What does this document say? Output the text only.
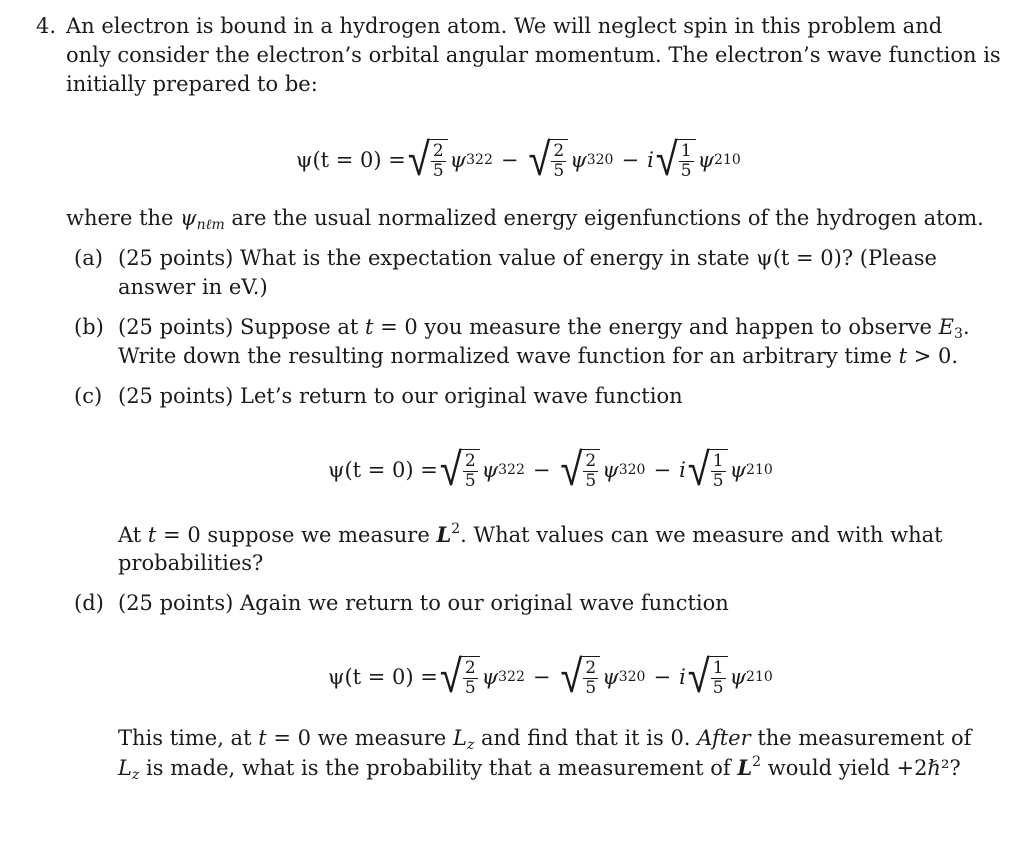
4. An electron is bound in a hydrogen atom. We will neglect spin in this problem and
only consider the electron’s orbital angular momentum. The electron’s wave function is
initially prepared to be:
ψ(t = 0) = √ $\frac{2}{5}$ ψ 322 − √ $\frac{2}{5}$ ψ 320 − i √ $\frac{1}{5}$ ψ 210
where the $\psi_{n\ell m}$ are the usual normalized energy eigenfunctions of the hydrogen atom.
(a) (25 points) What is the expectation value of energy in state ψ(t = 0)? (Please
answer in eV.)
(b) (25 points) Suppose at t = 0 you measure the energy and happen to observe $E_3$.
Write down the resulting normalized wave function for an arbitrary time t > 0.
(c) (25 points) Let’s return to our original wave function
ψ(t = 0) = √ $\frac{2}{5}$ ψ 322 − √ $\frac{2}{5}$ ψ 320 − i √ $\frac{1}{5}$ ψ 210
At t = 0 suppose we measure $L^2$. What values can we measure and with what
probabilities?
(d) (25 points) Again we return to our original wave function
ψ(t = 0) = √ $\frac{2}{5}$ ψ 322 − √ $\frac{2}{5}$ ψ 320 − i √ $\frac{1}{5}$ ψ 210
This time, at t = 0 we measure $L_z$ and find that it is 0. After the measurement of
$L_z$ is made, what is the probability that a measurement of $L^2$ would yield +2ℏ²?
